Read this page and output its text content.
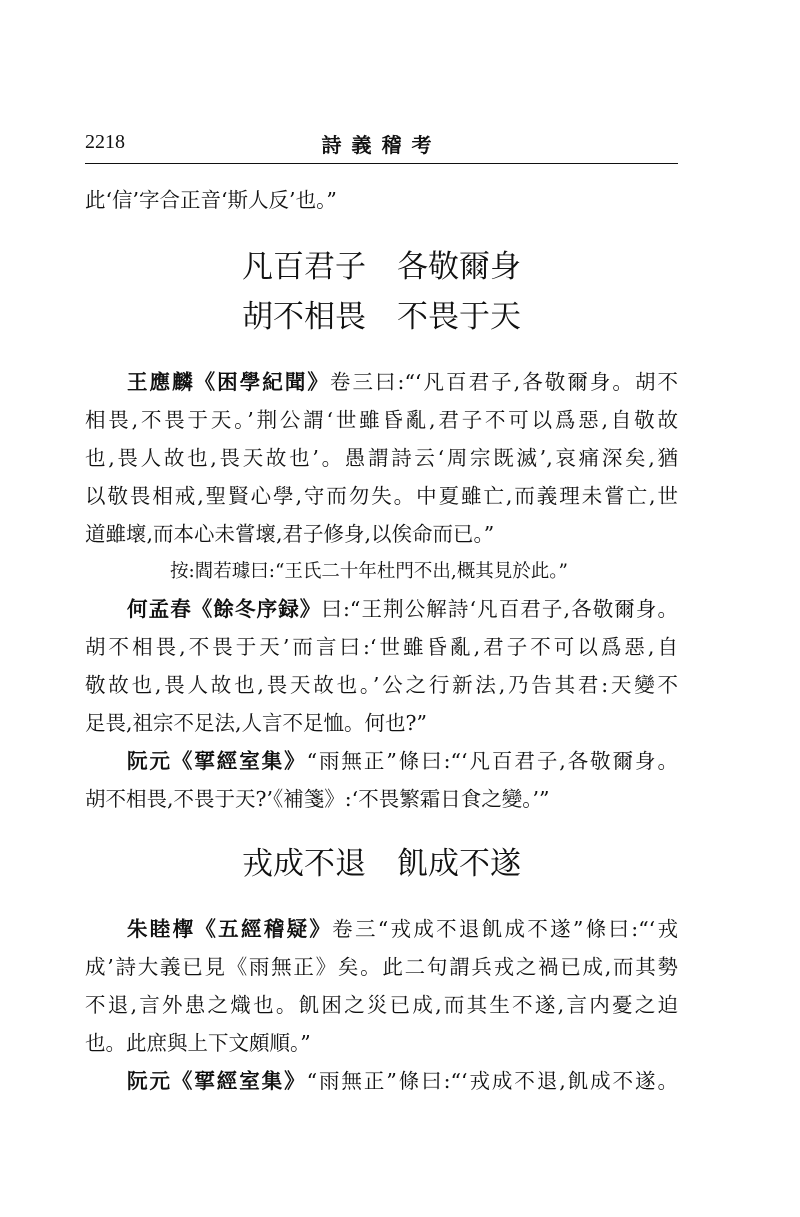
2218	詩義稽考
此‘信’字合正音‘斯人反’也。”
凡百君子　各敬爾身
胡不相畏　不畏于天
王應麟《困學紀聞》卷三曰:“‘凡百君子,各敬爾身。胡不
相畏,不畏于天。’荆公謂‘世雖昏亂,君子不可以爲惡,自敬故
也,畏人故也,畏天故也’。愚謂詩云‘周宗既滅’,哀痛深矣,猶
以敬畏相戒,聖賢心學,守而勿失。中夏雖亡,而義理未嘗亡,世
道雖壞,而本心未嘗壞,君子修身,以俟命而已。”
按:閻若璩曰:“王氏二十年杜門不出,概其見於此。”
何孟春《餘冬序録》曰:“王荆公解詩‘凡百君子,各敬爾身。
胡不相畏,不畏于天’而言曰:‘世雖昏亂,君子不可以爲惡,自
敬故也,畏人故也,畏天故也。’公之行新法,乃告其君:天變不
足畏,祖宗不足法,人言不足恤。何也?”
阮元《揅經室集》“雨無正”條曰:“‘凡百君子,各敬爾身。
胡不相畏,不畏于天?’《補箋》:‘不畏繁霜日食之變。’”
戎成不退　飢成不遂
朱睦㮮《五經稽疑》卷三“戎成不退飢成不遂”條曰:“‘戎
成’詩大義已見《雨無正》矣。此二句謂兵戎之禍已成,而其勢
不退,言外患之熾也。飢困之災已成,而其生不遂,言内憂之迫
也。此庶與上下文頗順。”
阮元《揅經室集》“雨無正”條曰:“‘戎成不退,飢成不遂。
